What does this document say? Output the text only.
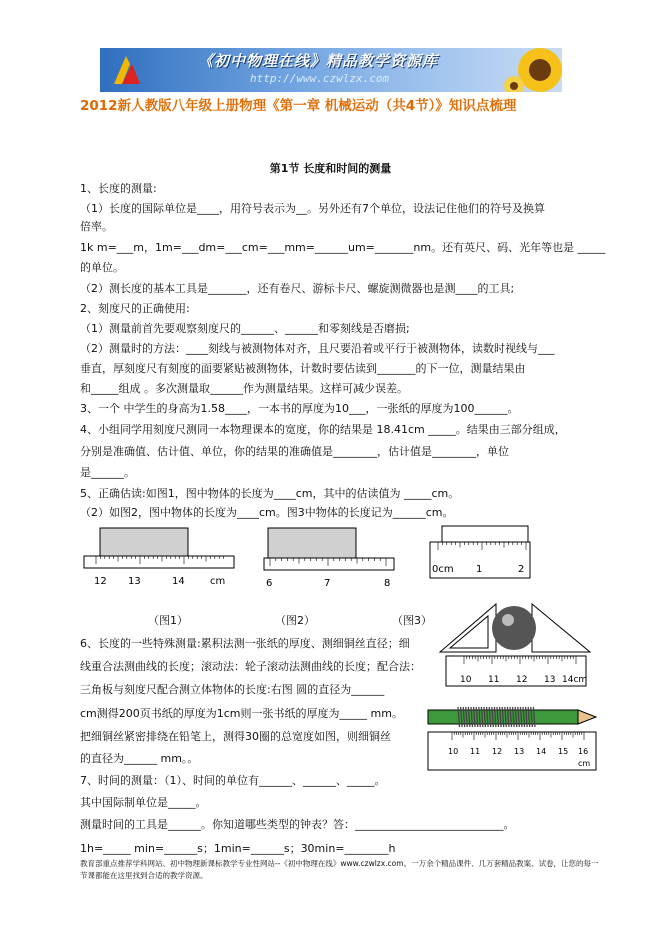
《初中物理在线》精品教学资源库
http://www.czwlzx.com
2012新人教版八年级上册物理《第一章 机械运动（共4节）》知识点梳理
第1节 长度和时间的测量
1、长度的测量:
（1）长度的国际单位是____，用符号表示为__。另外还有7个单位，设法记住他们的符号及换算
倍率。
1k m=___m，1m=___dm=___cm=___mm=______um=_______nm。还有英尺、码、光年等也是 _____
的单位。
（2）测长度的基本工具是_______，还有卷尺、游标卡尺、螺旋测微器也是测____的工具;
2、刻度尺的正确使用:
（1）测量前首先要观察刻度尺的______、______和零刻线是否磨损;
（2）测量时的方法：____刻线与被测物体对齐，且尺要沿着或平行于被测物体，读数时视线与___
垂直，厚刻度尺有刻度的面要紧贴被测物体，计数时要估读到_______的下一位，测量结果由
和_____组成 。多次测量取______作为测量结果。这样可减少误差。
3、一个 中学生的身高为1.58____，一本书的厚度为10___，一张纸的厚度为100______。
4、小组同学用刻度尺测同一本物理课本的宽度，你的结果是 18.41cm _____。结果由三部分组成，
分别是准确值、估计值、单位，你的结果的准确值是________，估计值是________，单位
是______。
5、正确估读:如图1，图中物体的长度为____cm，其中的估读值为 _____cm。
（2）如图2，图中物体的长度为____cm。图3中物体的长度记为______cm。
12 13	14	cm	6	7	8
0cm 1	2
（图1）	（图2）	（图3）
10 11 12 13 14cm
6、长度的一些特殊测量:累积法测一张纸的厚度、测细铜丝直径；细
线重合法测曲线的长度；滚动法：轮子滚动法测曲线的长度；配合法：
三角板与刻度尺配合测立体物体的长度:右图 圆的直径为______
cm测得200页书纸的厚度为1cm则一张书纸的厚度为_____ mm。
把细铜丝紧密排绕在铅笔上，测得30圈的总宽度如图，则细铜丝
的直径为______ mm。。
10 11 12 13 14 15 16
cm
7、时间的测量：（1）、时间的单位有______、______、_____。
其中国际制单位是_____。
测量时间的工具是______。你知道哪些类型的钟表？答：___________________________。
1h=_____ min=______s；1min=______s；30min=________h
教育部重点推荐学科网站、初中物理新课标教学专业性网站--《初中物理在线》www.czwlzx.com。一万余个精品课件、几万套精品教案、试卷，让您的每一节课都能在这里找到合适的教学资源。
